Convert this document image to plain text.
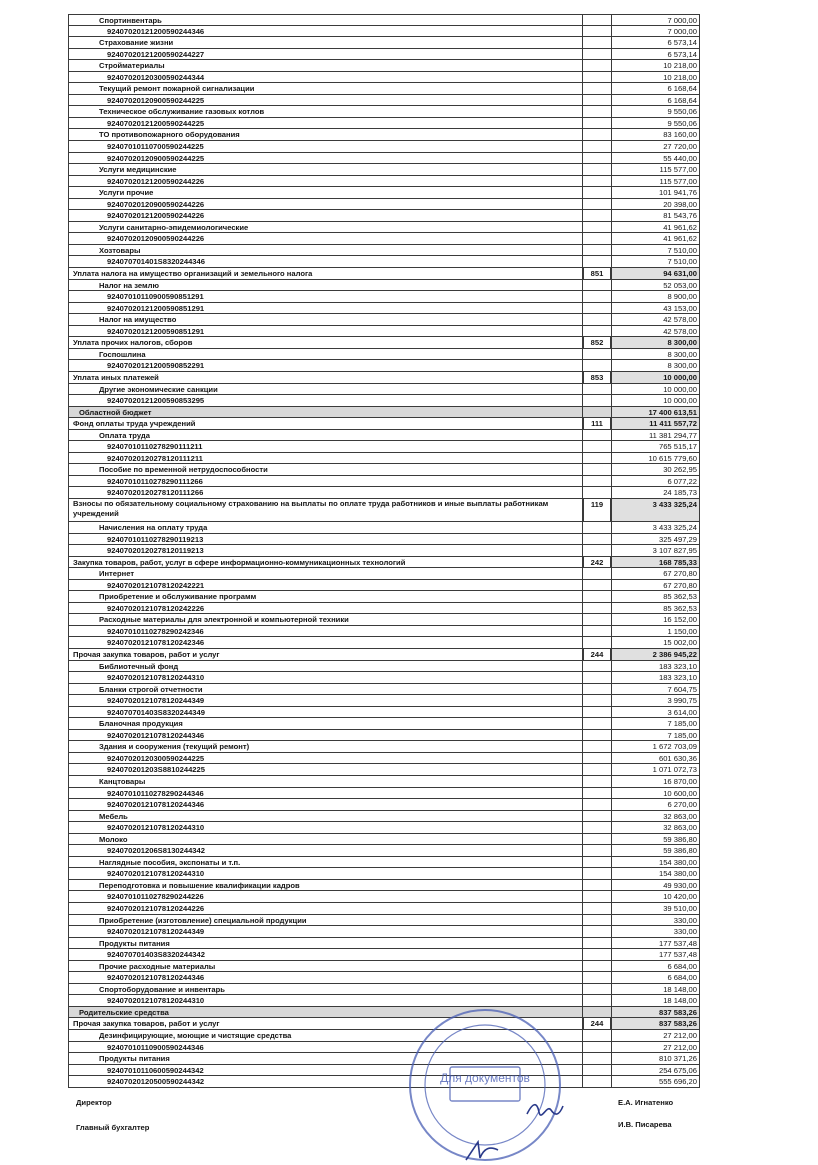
Спортинвентарь	7 000,00
92407020121200590244346	7 000,00
Страхование жизни	6 573,14
92407020121200590244227	6 573,14
Стройматериалы	10 218,00
92407020120300590244344	10 218,00
Текущий ремонт пожарной сигнализации	6 168,64
92407020120900590244225	6 168,64
Техническое обслуживание газовых котлов	9 550,06
92407020121200590244225	9 550,06
ТО противопожарного оборудования	83 160,00
92407010110700590244225	27 720,00
92407020120900590244225	55 440,00
Услуги медицинские	115 577,00
92407020121200590244226	115 577,00
Услуги прочие	101 941,76
92407020120900590244226	20 398,00
92407020121200590244226	81 543,76
Услуги санитарно-эпидемиологические	41 961,62
92407020120900590244226	41 961,62
Хозтовары	7 510,00
924070701401S8320244346	7 510,00
Уплата налога на имущество организаций и земельного налога	851	94 631,00
Налог на землю	52 053,00
92407010110900590851291	8 900,00
92407020121200590851291	43 153,00
Налог на имущество	42 578,00
92407020121200590851291	42 578,00
Уплата прочих налогов, сборов	852	8 300,00
Госпошлина	8 300,00
92407020121200590852291	8 300,00
Уплата иных платежей	853	10 000,00
Другие экономические санкции	10 000,00
92407020121200590853295	10 000,00
Областной бюджет	17 400 613,51
Фонд оплаты труда учреждений	111	11 411 557,72
Оплата труда	11 381 294,77
92407010110278290111211	765 515,17
92407020120278120111211	10 615 779,60
Пособие по временной нетрудоспособности	30 262,95
92407010110278290111266	6 077,22
92407020120278120111266	24 185,73
Взносы по обязательному социальному страхованию на выплаты по оплате труда работников и иные выплаты работникам учреждений
119	3 433 325,24
Начисления на оплату труда	3 433 325,24
92407010110278290119213	325 497,29
92407020120278120119213	3 107 827,95
Закупка товаров, работ, услуг в сфере информационно-коммуникационных технологий	242	168 785,33
Интернет	67 270,80
92407020121078120242221	67 270,80
Приобретение и обслуживание программ	85 362,53
92407020121078120242226	85 362,53
Расходные материалы для электронной и компьютерной техники	16 152,00
92407010110278290242346	1 150,00
92407020121078120242346	15 002,00
Прочая закупка товаров, работ и услуг	244	2 386 945,22
Библиотечный фонд	183 323,10
92407020121078120244310	183 323,10
Бланки строгой отчетности	7 604,75
92407020121078120244349	3 990,75
924070701403S8320244349	3 614,00
Бланочная продукция	7 185,00
92407020121078120244346	7 185,00
Здания и сооружения (текущий ремонт)	1 672 703,09
92407020120300590244225	601 630,36
924070201203S8810244225	1 071 072,73
Канцтовары	16 870,00
92407010110278290244346	10 600,00
92407020121078120244346	6 270,00
Мебель	32 863,00
92407020121078120244310	32 863,00
Молоко	59 386,80
924070201206S8130244342	59 386,80
Наглядные пособия, экспонаты и т.п.	154 380,00
92407020121078120244310	154 380,00
Переподготовка и повышение квалификации кадров	49 930,00
92407010110278290244226	10 420,00
92407020121078120244226	39 510,00
Приобретение (изготовление) специальной продукции	330,00
92407020121078120244349	330,00
Продукты питания	177 537,48
924070701403S8320244342	177 537,48
Прочие расходные материалы	6 684,00
92407020121078120244346	6 684,00
Спортоборудование и инвентарь	18 148,00
92407020121078120244310	18 148,00
Родительские средства	837 583,26
Прочая закупка товаров, работ и услуг	244	837 583,26
Дезинфицирующие, моющие и чистящие средства	27 212,00
92407010110900590244346	27 212,00
Продукты питания	810 371,26
92407010110600590244342	254 675,06
92407020120500590244342	555 696,20
Директор	Е.А. Игнатенко
Главный бухгалтер	И.В. Писарева
Для документов
